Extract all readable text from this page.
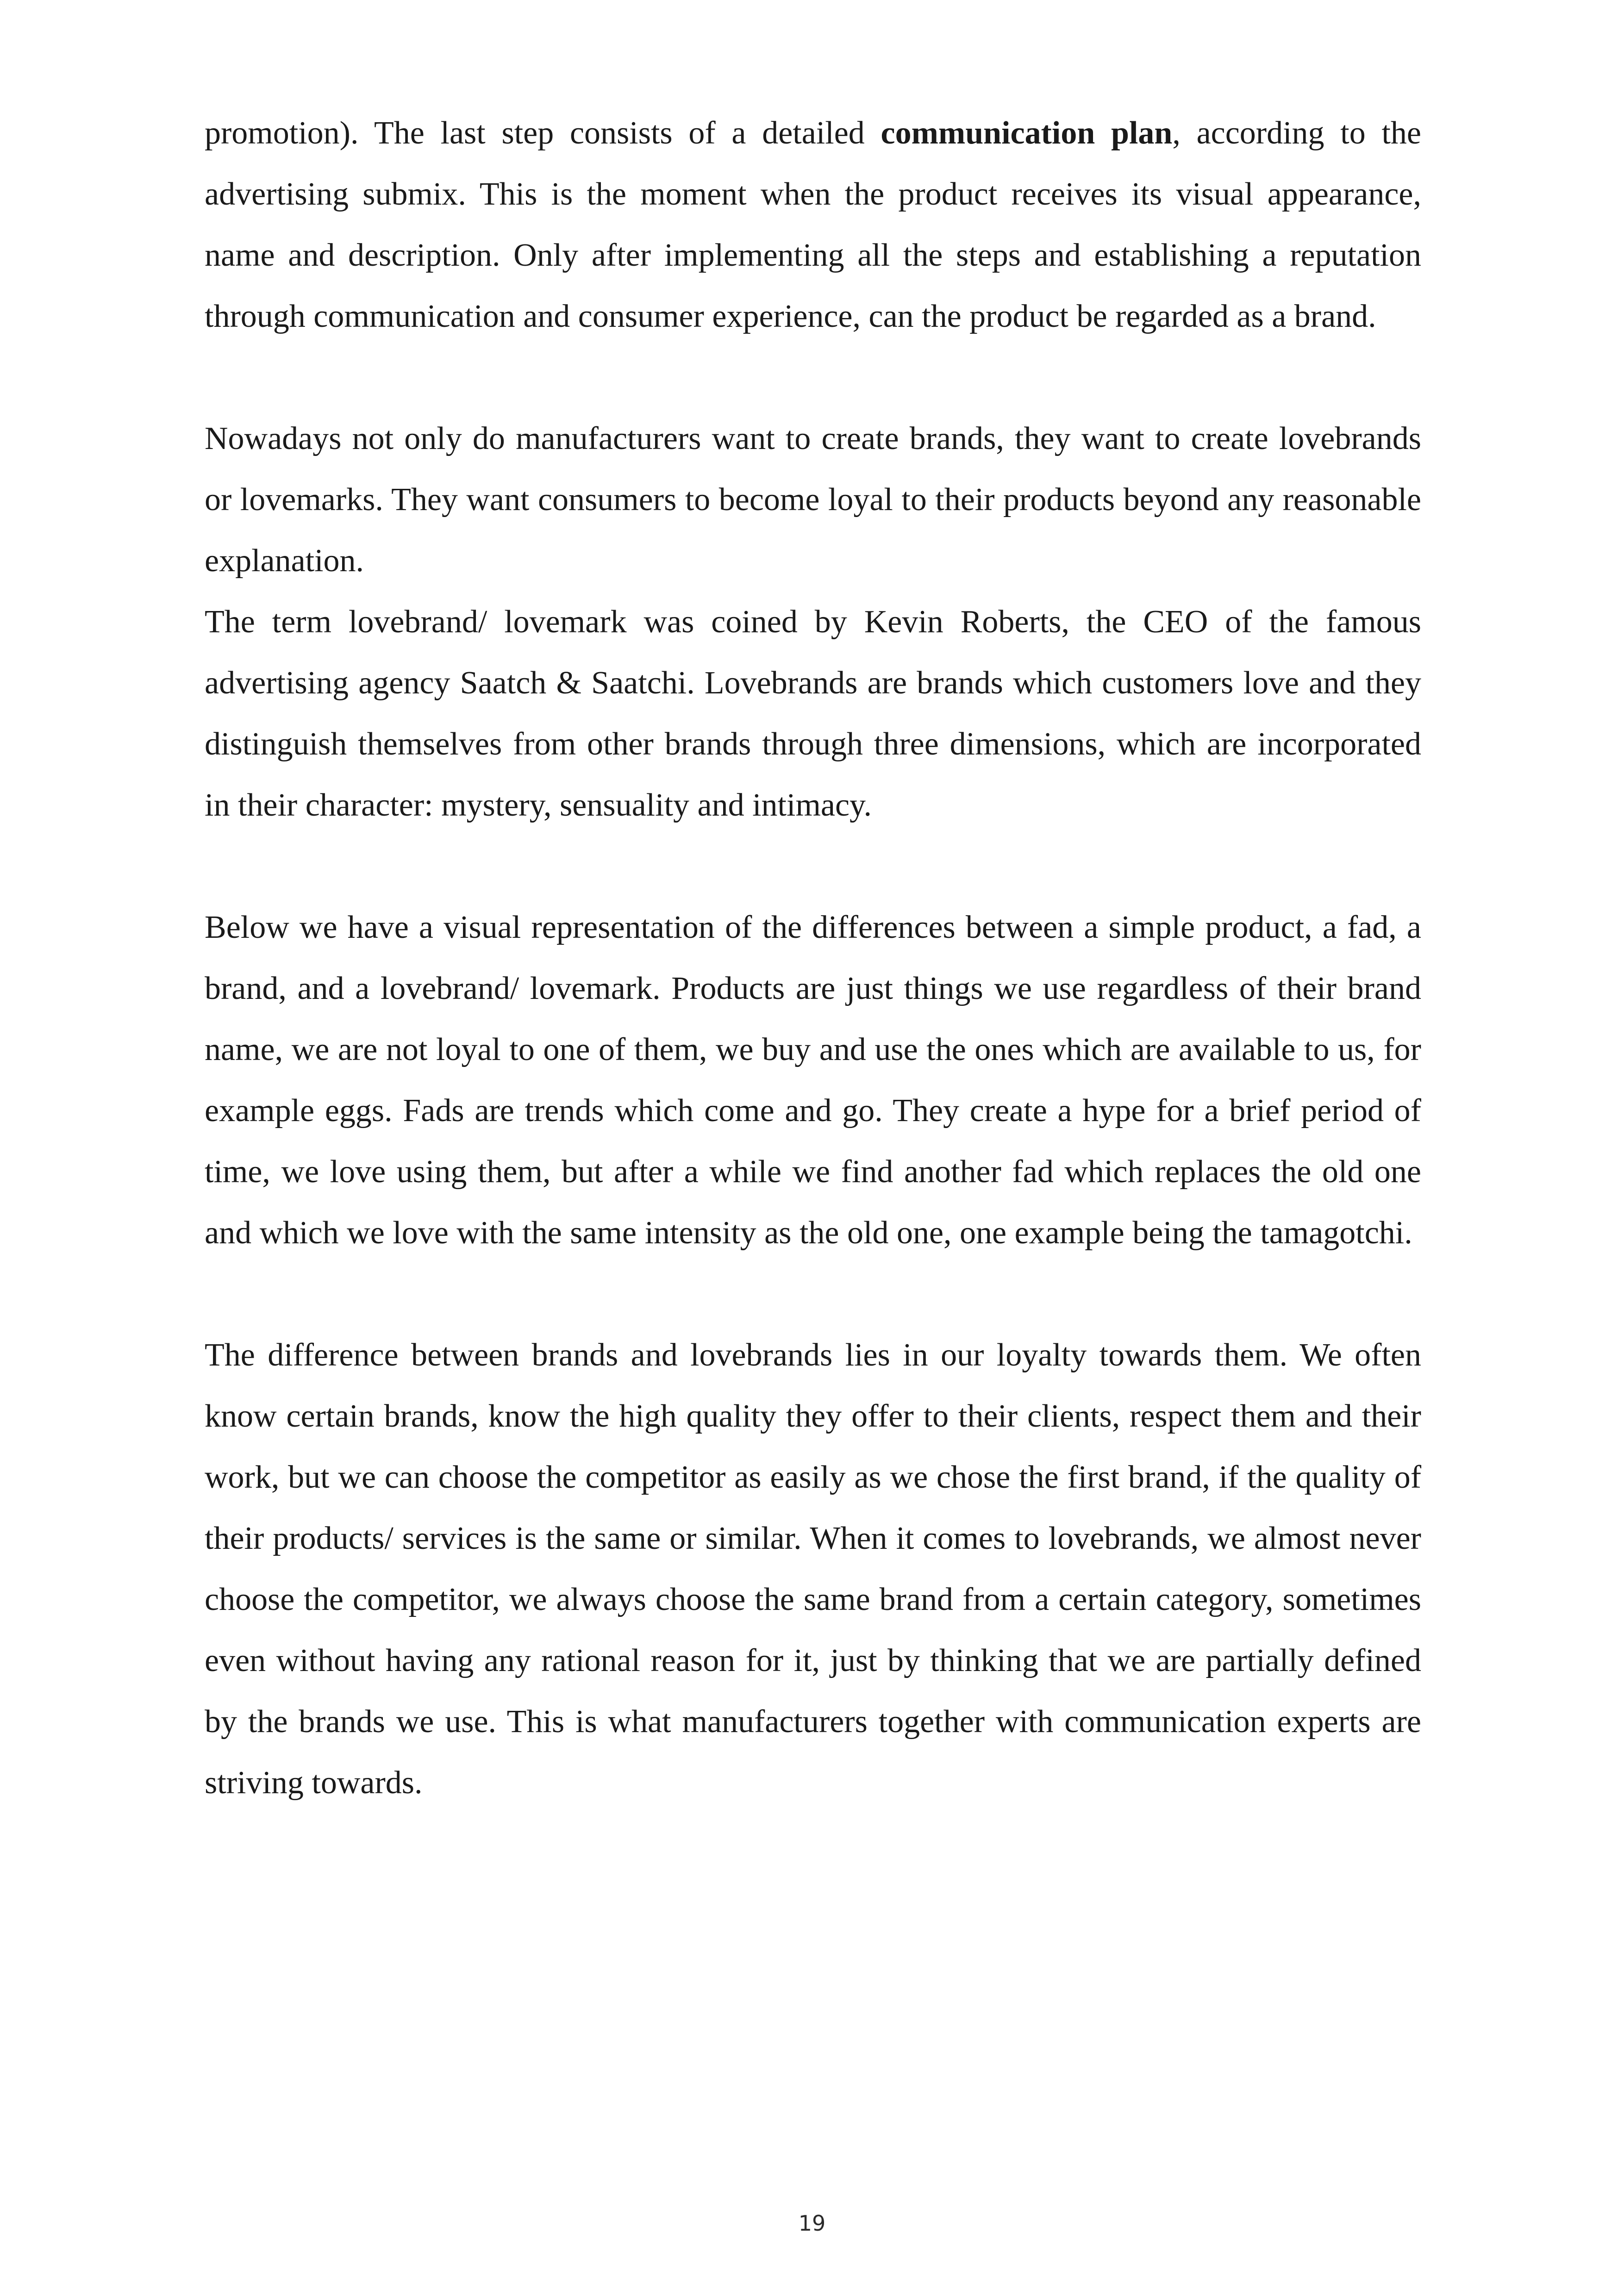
promotion). The last step consists of a detailed communication plan, according to the advertising submix. This is the moment when the product receives its visual appearance, name and description. Only after implementing all the steps and establishing a reputation through communication and consumer experience, can the product be regarded as a brand.

Nowadays not only do manufacturers want to create brands, they want to create lovebrands or lovemarks. They want consumers to become loyal to their products beyond any reasonable explanation.

The term lovebrand/ lovemark was coined by Kevin Roberts, the CEO of the famous advertising agency Saatch & Saatchi. Lovebrands are brands which customers love and they distinguish themselves from other brands through three dimensions, which are incorporated in their character: mystery, sensuality and intimacy.

Below we have a visual representation of the differences between a simple product, a fad, a brand, and a lovebrand/ lovemark. Products are just things we use regardless of their brand name, we are not loyal to one of them, we buy and use the ones which are available to us, for example eggs. Fads are trends which come and go. They create a hype for a brief period of time, we love using them, but after a while we find another fad which replaces the old one and which we love with the same intensity as the old one, one example being the tamagotchi.

The difference between brands and lovebrands lies in our loyalty towards them. We often know certain brands, know the high quality they offer to their clients, respect them and their work, but we can choose the competitor as easily as we chose the first brand, if the quality of their products/ services is the same or similar. When it comes to lovebrands, we almost never choose the competitor, we always choose the same brand from a certain category, sometimes even without having any rational reason for it, just by thinking that we are partially defined by the brands we use. This is what manufacturers together with communication experts are striving towards.

19
